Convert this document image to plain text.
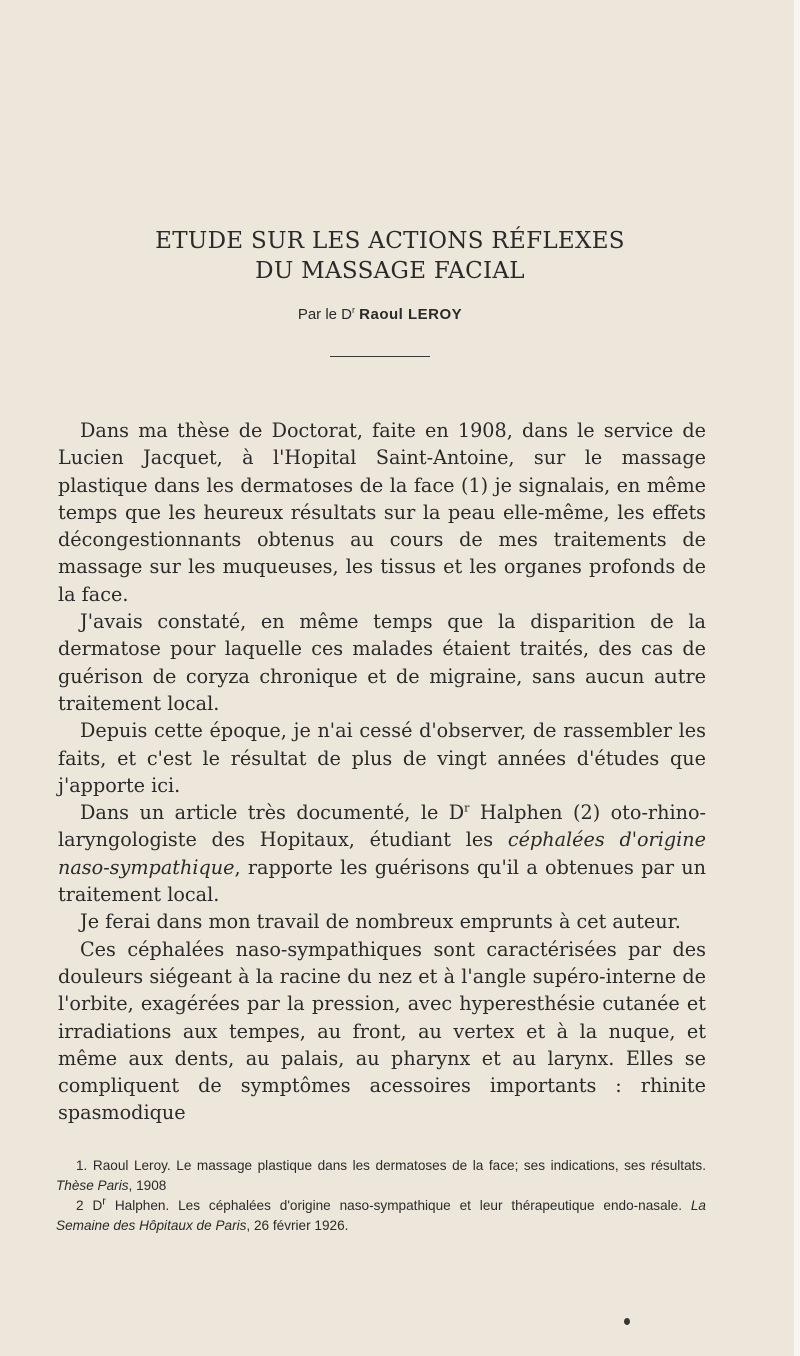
ETUDE SUR LES ACTIONS RÉFLEXES
DU MASSAGE FACIAL
Par le $D^r$ Raoul LEROY

Dans ma thèse de Doctorat, faite en 1908, dans le service de Lucien Jacquet, à l'Hopital Saint-Antoine, sur le massage plastique dans les dermatoses de la face (1) je signalais, en même temps que les heureux résultats sur la peau elle-même, les effets décongestionnants obtenus au cours de mes traitements de massage sur les muqueuses, les tissus et les organes profonds de la face.

J'avais constaté, en même temps que la disparition de la dermatose pour laquelle ces malades étaient traités, des cas de guérison de coryza chronique et de migraine, sans aucun autre traitement local.

Depuis cette époque, je n'ai cessé d'observer, de rassembler les faits, et c'est le résultat de plus de vingt années d'études que j'apporte ici.

Dans un article très documenté, le $D^r$ Halphen (2) oto-rhino-laryngologiste des Hopitaux, étudiant les céphalées d'origine naso-sympathique, rapporte les guérisons qu'il a obtenues par un traitement local.

Je ferai dans mon travail de nombreux emprunts à cet auteur.

Ces céphalées naso-sympathiques sont caractérisées par des douleurs siégeant à la racine du nez et à l'angle supéro-interne de l'orbite, exagérées par la pression, avec hyperesthésie cutanée et irradiations aux tempes, au front, au vertex et à la nuque, et même aux dents, au palais, au pharynx et au larynx. Elles se compliquent de symptômes acessoires importants : rhinite spasmodique

1. Raoul Leroy. Le massage plastique dans les dermatoses de la face; ses indications, ses résultats. Thèse Paris, 1908

2 $D^r$ Halphen. Les céphalées d'origine naso-sympathique et leur thérapeutique endo-nasale. La Semaine des Hôpitaux de Paris, 26 février 1926.
